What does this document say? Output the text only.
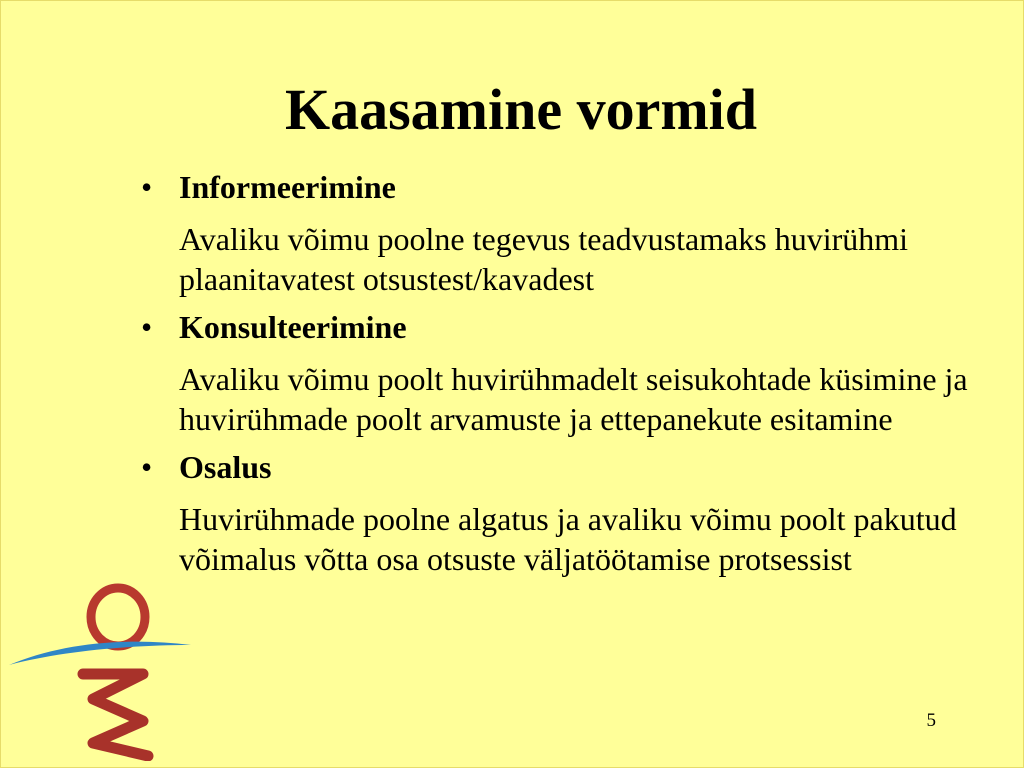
Kaasamine vormid
• Informeerimine
Avaliku võimu poolne tegevus teadvustamaks huvirühmi plaanitavatest otsustest/kavadest
• Konsulteerimine
Avaliku võimu poolt huvirühmadelt seisukohtade küsimine ja huvirühmade poolt arvamuste ja ettepanekute esitamine
• Osalus
Huvirühmade poolne algatus ja avaliku võimu poolt pakutud võimalus võtta osa otsuste väljatöötamise protsessist
5
